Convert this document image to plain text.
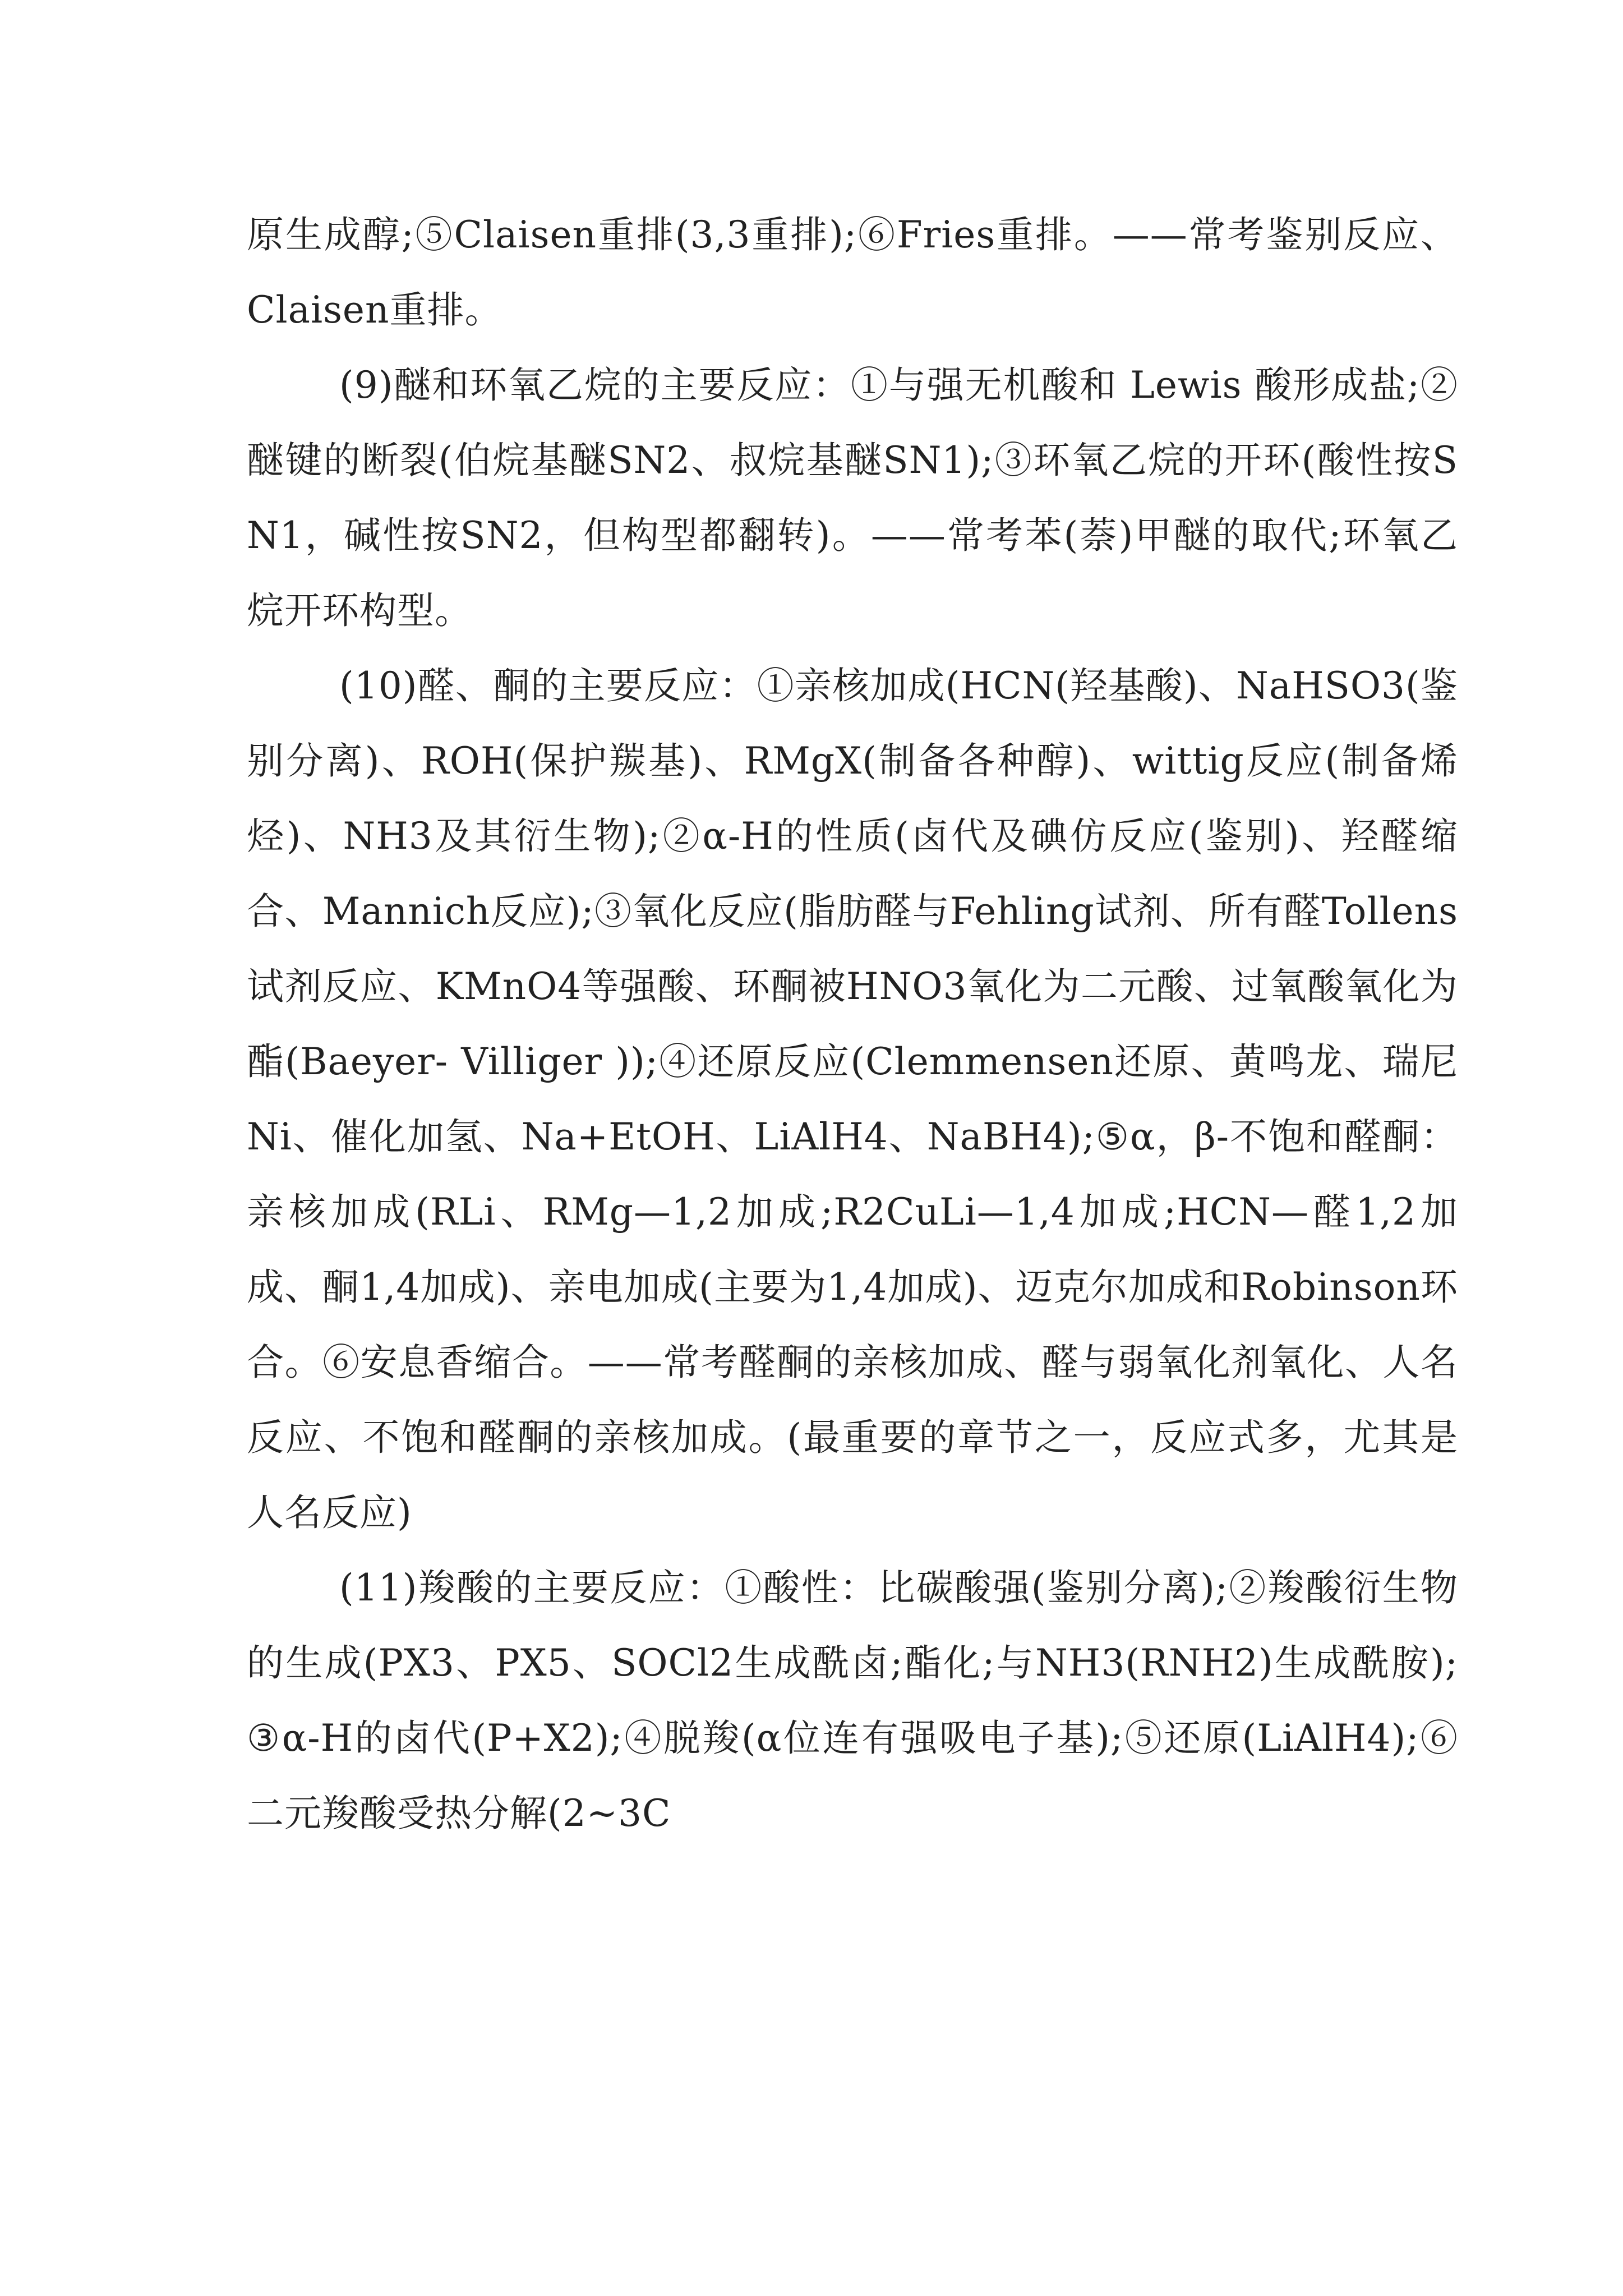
原生成醇;⑤Claisen重排(3,3重排);⑥Fries重排。——常考鉴别反应、Claisen重排。

(9)醚和环氧乙烷的主要反应：①与强无机酸和 Lewis 酸形成盐;②醚键的断裂(伯烷基醚SN2、叔烷基醚SN1);③环氧乙烷的开环(酸性按SN1，碱性按SN2，但构型都翻转)。——常考苯(萘)甲醚的取代;环氧乙烷开环构型。

(10)醛、酮的主要反应：①亲核加成(HCN(羟基酸)、NaHSO3(鉴别分离)、ROH(保护羰基)、RMgX(制备各种醇)、wittig反应(制备烯烃)、NH3及其衍生物);②α-H的性质(卤代及碘仿反应(鉴别)、羟醛缩合、Mannich反应);③氧化反应(脂肪醛与Fehling试剂、所有醛Tollens试剂反应、KMnO4等强酸、环酮被HNO3氧化为二元酸、过氧酸氧化为酯(Baeyer- Villiger ));④还原反应(Clemmensen还原、黄鸣龙、瑞尼Ni、催化加氢、Na+EtOH、LiAlH4、NaBH4);⑤α，β-不饱和醛酮：亲核加成(RLi、RMg—1,2加成;R2CuLi—1,4加成;HCN—醛1,2加成、酮1,4加成)、亲电加成(主要为1,4加成)、迈克尔加成和Robinson环合。⑥安息香缩合。——常考醛酮的亲核加成、醛与弱氧化剂氧化、人名反应、不饱和醛酮的亲核加成。(最重要的章节之一，反应式多，尤其是人名反应)

(11)羧酸的主要反应：①酸性：比碳酸强(鉴别分离);②羧酸衍生物的生成(PX3、PX5、SOCl2生成酰卤;酯化;与NH3(RNH2)生成酰胺);③α-H的卤代(P+X2);④脱羧(α位连有强吸电子基);⑤还原(LiAlH4);⑥二元羧酸受热分解(2~3C
